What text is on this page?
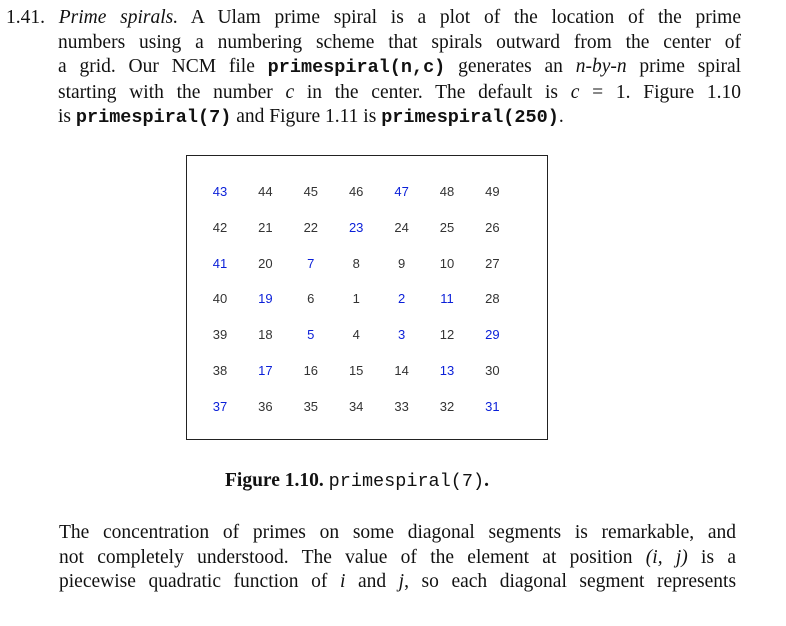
1.41. Prime spirals. A Ulam prime spiral is a plot of the location of the prime
numbers using a numbering scheme that spirals outward from the center of
a grid. Our NCM file primespiral(n,c) generates an n-by-n prime spiral
starting with the number c in the center. The default is c = 1. Figure 1.10
is primespiral(7) and Figure 1.11 is primespiral(250).
43	44	45	46	47	48	49
42	21	22	23	24	25	26
41	20	7	8	9	10	27
40	19	6	1	2	11	28
39	18	5	4	3	12	29
38	17	16	15	14	13	30
37	36	35	34	33	32	31
Figure 1.10. primespiral(7).
The concentration of primes on some diagonal segments is remarkable, and
not completely understood. The value of the element at position (i, j) is a
piecewise quadratic function of i and j, so each diagonal segment represents
